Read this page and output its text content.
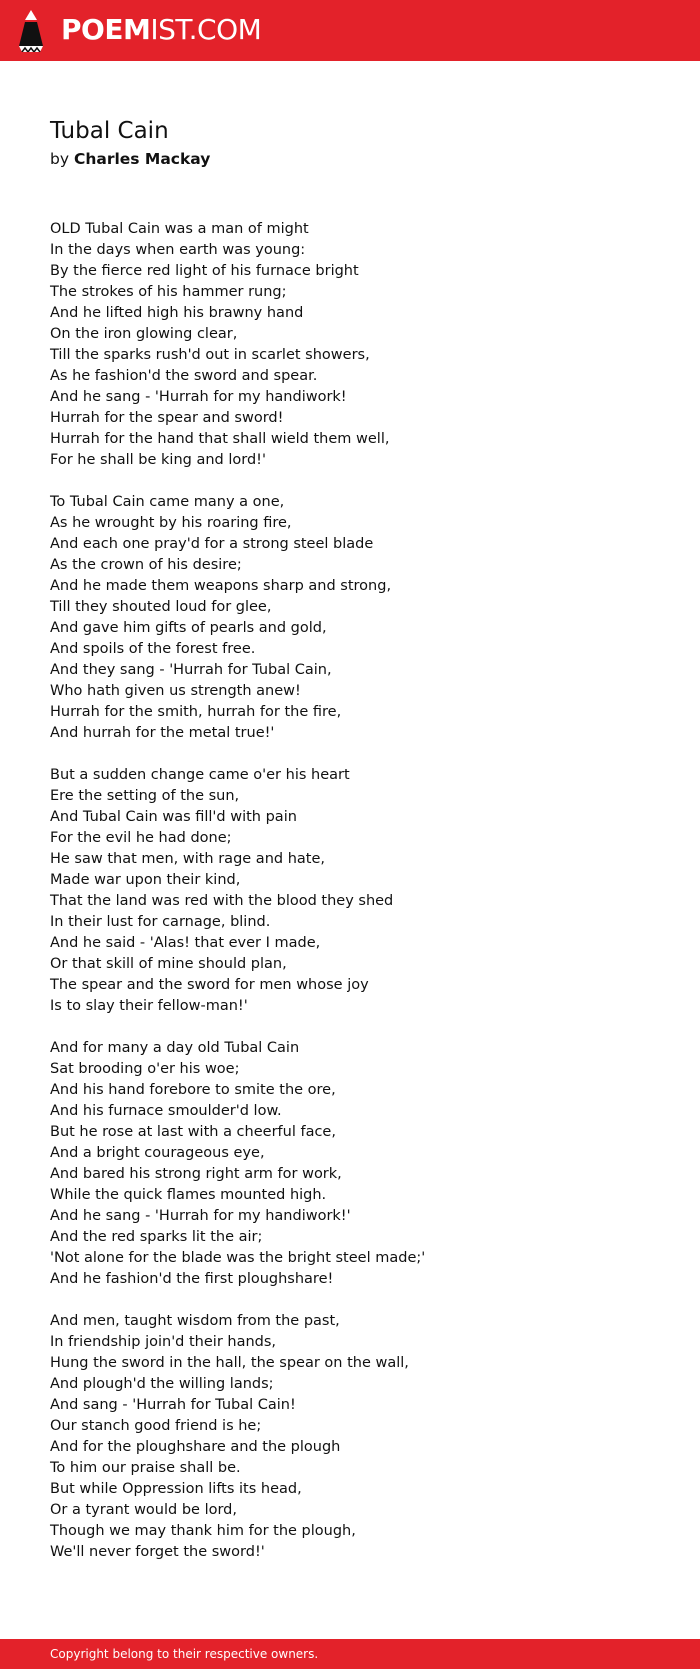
POEMIST.COM
Tubal Cain
by Charles Mackay
OLD Tubal Cain was a man of might
In the days when earth was young:
By the fierce red light of his furnace bright
The strokes of his hammer rung;
And he lifted high his brawny hand
On the iron glowing clear,
Till the sparks rush'd out in scarlet showers,
As he fashion'd the sword and spear.
And he sang - 'Hurrah for my handiwork!
Hurrah for the spear and sword!
Hurrah for the hand that shall wield them well,
For he shall be king and lord!'
To Tubal Cain came many a one,
As he wrought by his roaring fire,
And each one pray'd for a strong steel blade
As the crown of his desire;
And he made them weapons sharp and strong,
Till they shouted loud for glee,
And gave him gifts of pearls and gold,
And spoils of the forest free.
And they sang - 'Hurrah for Tubal Cain,
Who hath given us strength anew!
Hurrah for the smith, hurrah for the fire,
And hurrah for the metal true!'
But a sudden change came o'er his heart
Ere the setting of the sun,
And Tubal Cain was fill'd with pain
For the evil he had done;
He saw that men, with rage and hate,
Made war upon their kind,
That the land was red with the blood they shed
In their lust for carnage, blind.
And he said - 'Alas! that ever I made,
Or that skill of mine should plan,
The spear and the sword for men whose joy
Is to slay their fellow-man!'
And for many a day old Tubal Cain
Sat brooding o'er his woe;
And his hand forebore to smite the ore,
And his furnace smoulder'd low.
But he rose at last with a cheerful face,
And a bright courageous eye,
And bared his strong right arm for work,
While the quick flames mounted high.
And he sang - 'Hurrah for my handiwork!'
And the red sparks lit the air;
'Not alone for the blade was the bright steel made;'
And he fashion'd the first ploughshare!
And men, taught wisdom from the past,
In friendship join'd their hands,
Hung the sword in the hall, the spear on the wall,
And plough'd the willing lands;
And sang - 'Hurrah for Tubal Cain!
Our stanch good friend is he;
And for the ploughshare and the plough
To him our praise shall be.
But while Oppression lifts its head,
Or a tyrant would be lord,
Though we may thank him for the plough,
We'll never forget the sword!'
Copyright belong to their respective owners.
